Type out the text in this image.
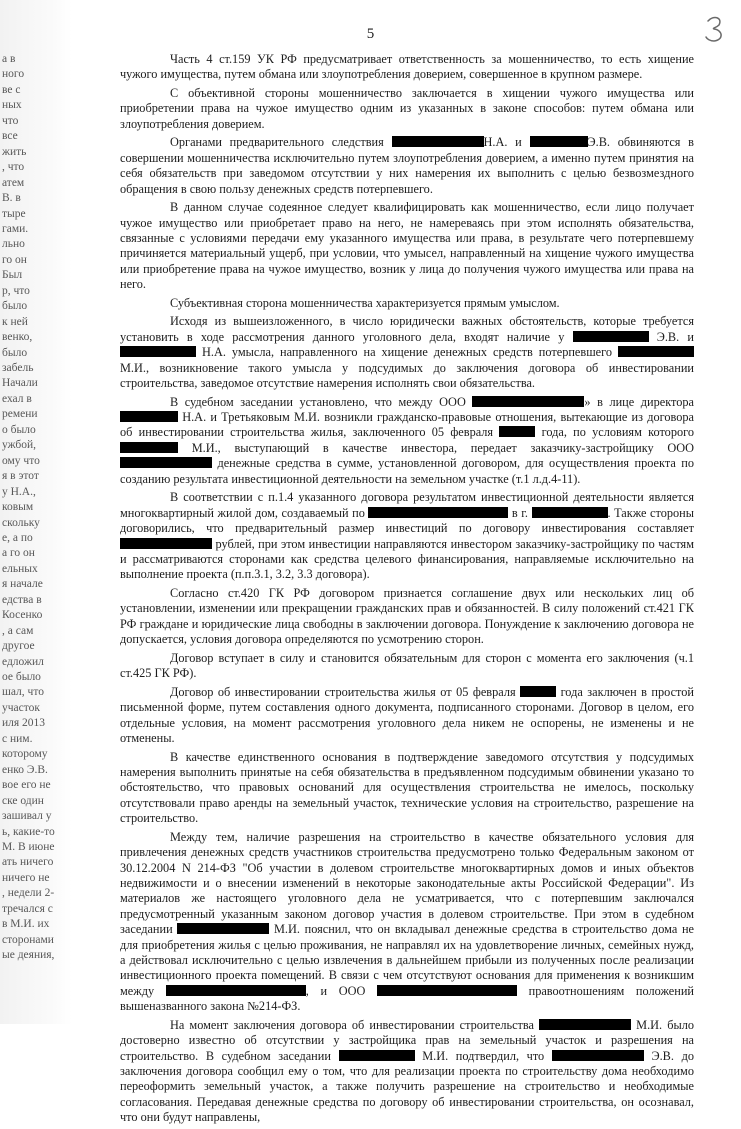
а в
ного
ве с
ных
что
все
жить
, что
атем
В. в
тыре
гами.
льно
го он
Был
р, что
было
к ней
венко,
было
забель
Начали
ехал в
ремени
о было
ужбой,
ому что
я в этот
у Н.А.,
ковым
скольку
е, а по
а го он
ельных
я начале
едства в
Косенко
, а сам
другое
едложил
ое было
шал, что
участок
иля 2013
с ним.
которому
енко Э.В.
вое его не
ске один
зашивал у
ь, какие-то
М. В июне
ать ничего
ничего не
, недели 2-
тречался с
в М.И. их
сторонами
ые деяния,
5

Часть 4 ст.159 УК РФ предусматривает ответственность за мошенничество, то есть хищение чужого имущества, путем обмана или злоупотребления доверием, совершенное в крупном размере.

С объективной стороны мошенничество заключается в хищении чужого имущества или приобретении права на чужое имущество одним из указанных в законе способов: путем обмана или злоупотребления доверием.

Органами предварительного следствия	Н.А. и	Э.В. обвиняются в совершении мошенничества исключительно путем злоупотребления доверием, а именно путем принятия на себя обязательств при заведомом отсутствии у них намерения их выполнить с целью безвозмездного обращения в свою пользу денежных средств потерпевшего.

В данном случае содеянное следует квалифицировать как мошенничество, если лицо получает чужое имущество или приобретает право на него, не намереваясь при этом исполнять обязательства, связанные с условиями передачи ему указанного имущества или права, в результате чего потерпевшему причиняется материальный ущерб, при условии, что умысел, направленный на хищение чужого имущества или приобретение права на чужое имущество, возник у лица до получения чужого имущества или права на него.

Субъективная сторона мошенничества характеризуется прямым умыслом.

Исходя из вышеизложенного, в число юридически важных обстоятельств, которые требуется установить в ходе рассмотрения данного уголовного дела, входят наличие у	Э.В. и  Н.А. умысла, направленного на хищение денежных средств потерпевшего  М.И., возникновение такого умысла у подсудимых до заключения договора об инвестировании строительства, заведомое отсутствие намерения исполнять свои обязательства.

В судебном заседании установлено, что между ООО	» в лице директора  Н.А. и Третьяковым М.И. возникли гражданско-правовые отношения, вытекающие из договора об инвестировании строительства жилья, заключенного 05 февраля	года, по условиям которого  М.И., выступающий в качестве инвестора, передает заказчику-застройщику ООО  денежные средства в сумме, установленной договором, для осуществления проекта по созданию результата инвестиционной деятельности на земельном участке (т.1 л.д.4-11).

В соответствии с п.1.4 указанного договора результатом инвестиционной деятельности является многоквартирный жилой дом, создаваемый по	в г.	. Также стороны договорились, что предварительный размер инвестиций по договору инвестирования составляет  рублей, при этом инвестиции направляются инвестором заказчику-застройщику по частям и рассматриваются сторонами как средства целевого финансирования, направляемые исключительно на выполнение проекта (п.п.3.1, 3.2, 3.3 договора).

Согласно ст.420 ГК РФ договором признается соглашение двух или нескольких лиц об установлении, изменении или прекращении гражданских прав и обязанностей. В силу положений ст.421 ГК РФ граждане и юридические лица свободны в заключении договора. Понуждение к заключению договора не допускается, условия договора определяются по усмотрению сторон.

Договор вступает в силу и становится обязательным для сторон с момента его заключения (ч.1 ст.425 ГК РФ).

Договор об инвестировании строительства жилья от 05 февраля	года заключен в простой письменной форме, путем составления одного документа, подписанного сторонами. Договор в целом, его отдельные условия, на момент рассмотрения уголовного дела никем не оспорены, не изменены и не отменены.

В качестве единственного основания в подтверждение заведомого отсутствия у подсудимых намерения выполнить принятые на себя обязательства в предъявленном подсудимым обвинении указано то обстоятельство, что правовых оснований для осуществления строительства не имелось, поскольку отсутствовали право аренды на земельный участок, технические условия на строительство, разрешение на строительство.

Между тем, наличие разрешения на строительство в качестве обязательного условия для привлечения денежных средств участников строительства предусмотрено только Федеральным законом от 30.12.2004 N 214-ФЗ "Об участии в долевом строительстве многоквартирных домов и иных объектов недвижимости и о внесении изменений в некоторые законодательные акты Российской Федерации". Из материалов же настоящего уголовного дела не усматривается, что с потерпевшим заключался предусмотренный указанным законом договор участия в долевом строительстве. При этом в судебном заседании	М.И. пояснил, что он вкладывал денежные средства в строительство дома не для приобретения жилья с целью проживания, не направлял их на удовлетворение личных, семейных нужд, а действовал исключительно с целью извлечения в дальнейшем прибыли из полученных после реализации инвестиционного проекта помещений. В связи с чем отсутствуют основания для применения к возникшим между	, и ООО	правоотношениям положений вышеназванного закона №214-ФЗ.

На момент заключения договора об инвестировании строительства	М.И. было достоверно известно об отсутствии у застройщика прав на земельный участок и разрешения на строительство. В судебном заседании	М.И. подтвердил, что	Э.В. до заключения договора сообщил ему о том, что для реализации проекта по строительству дома необходимо переоформить земельный участок, а также получить разрешение на строительство и необходимые согласования. Передавая денежные средства по договору об инвестировании строительства, он осознавал, что они будут направлены,
